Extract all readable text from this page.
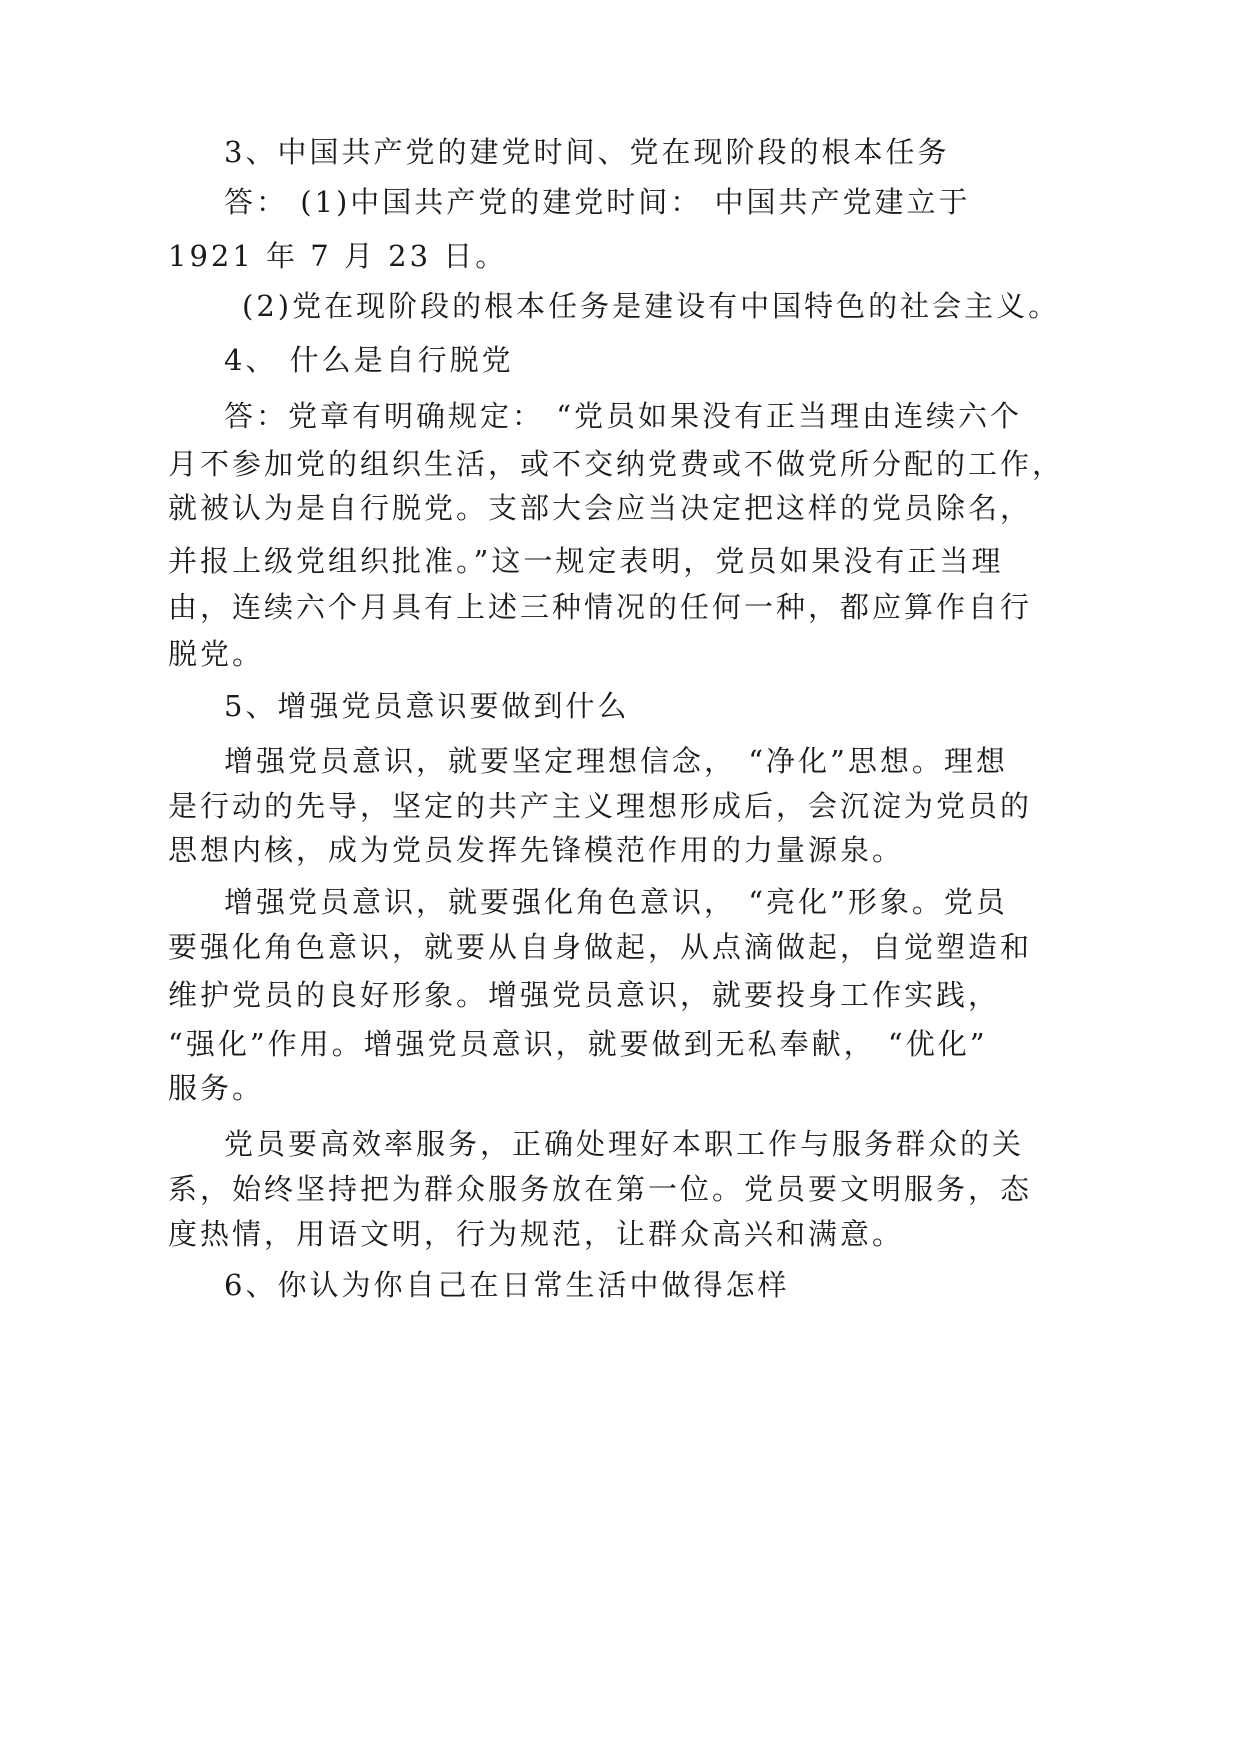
3、中国共产党的建党时间、党在现阶段的根本任务
答： (1)中国共产党的建党时间： 中国共产党建立于
1921 年 7 月 23 日。
(2)党在现阶段的根本任务是建设有中国特色的社会主义。
4、 什么是自行脱党
答：党章有明确规定： “党员如果没有正当理由连续六个
月不参加党的组织生活，或不交纳党费或不做党所分配的工作，
就被认为是自行脱党。支部大会应当决定把这样的党员除名，
并报上级党组织批准。”这一规定表明，党员如果没有正当理
由，连续六个月具有上述三种情况的任何一种，都应算作自行
脱党。
5、增强党员意识要做到什么
增强党员意识，就要坚定理想信念， “净化”思想。理想
是行动的先导，坚定的共产主义理想形成后，会沉淀为党员的
思想内核，成为党员发挥先锋模范作用的力量源泉。
增强党员意识，就要强化角色意识， “亮化”形象。党员
要强化角色意识，就要从自身做起，从点滴做起，自觉塑造和
维护党员的良好形象。增强党员意识，就要投身工作实践，
“强化”作用。增强党员意识，就要做到无私奉献， “优化”
服务。
党员要高效率服务，正确处理好本职工作与服务群众的关
系，始终坚持把为群众服务放在第一位。党员要文明服务，态
度热情，用语文明，行为规范，让群众高兴和满意。
6、你认为你自己在日常生活中做得怎样
